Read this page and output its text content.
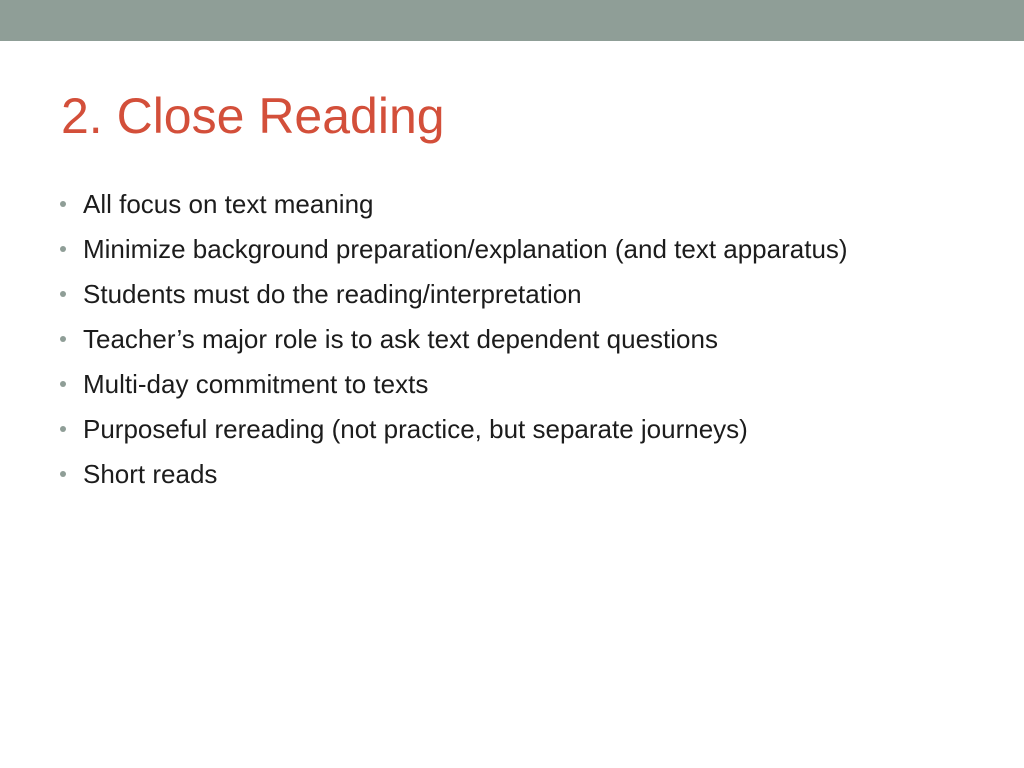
2. Close Reading
All focus on text meaning
Minimize background preparation/explanation (and text apparatus)
Students must do the reading/interpretation
Teacher’s major role is to ask text dependent questions
Multi-day commitment to texts
Purposeful rereading (not practice, but separate journeys)
Short reads
